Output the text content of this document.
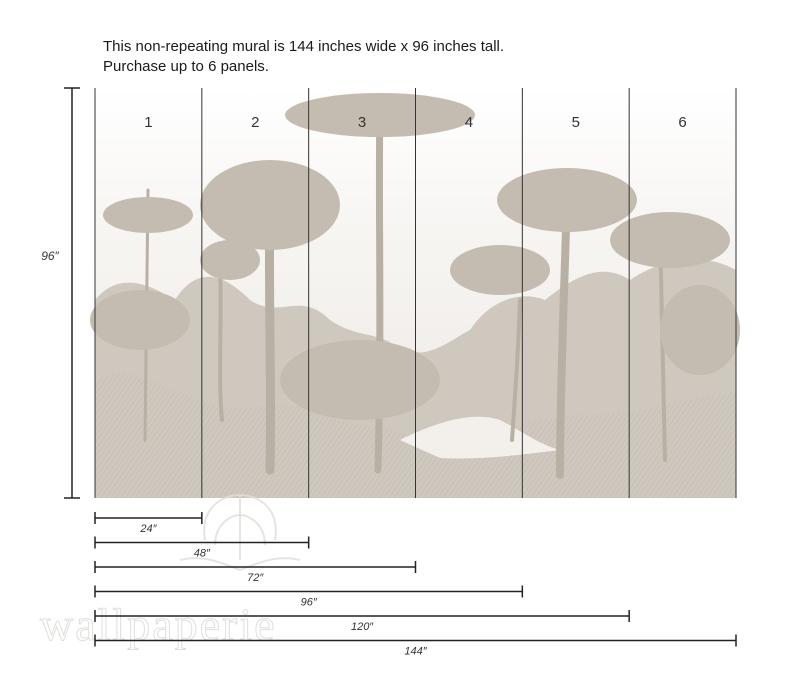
This non-repeating mural is 144 inches wide x 96 inches tall.
Purchase up to 6 panels.
1	2	3	4	5	6
96″
wallpaperie
24″
48″
72″
96″
120″
144″
